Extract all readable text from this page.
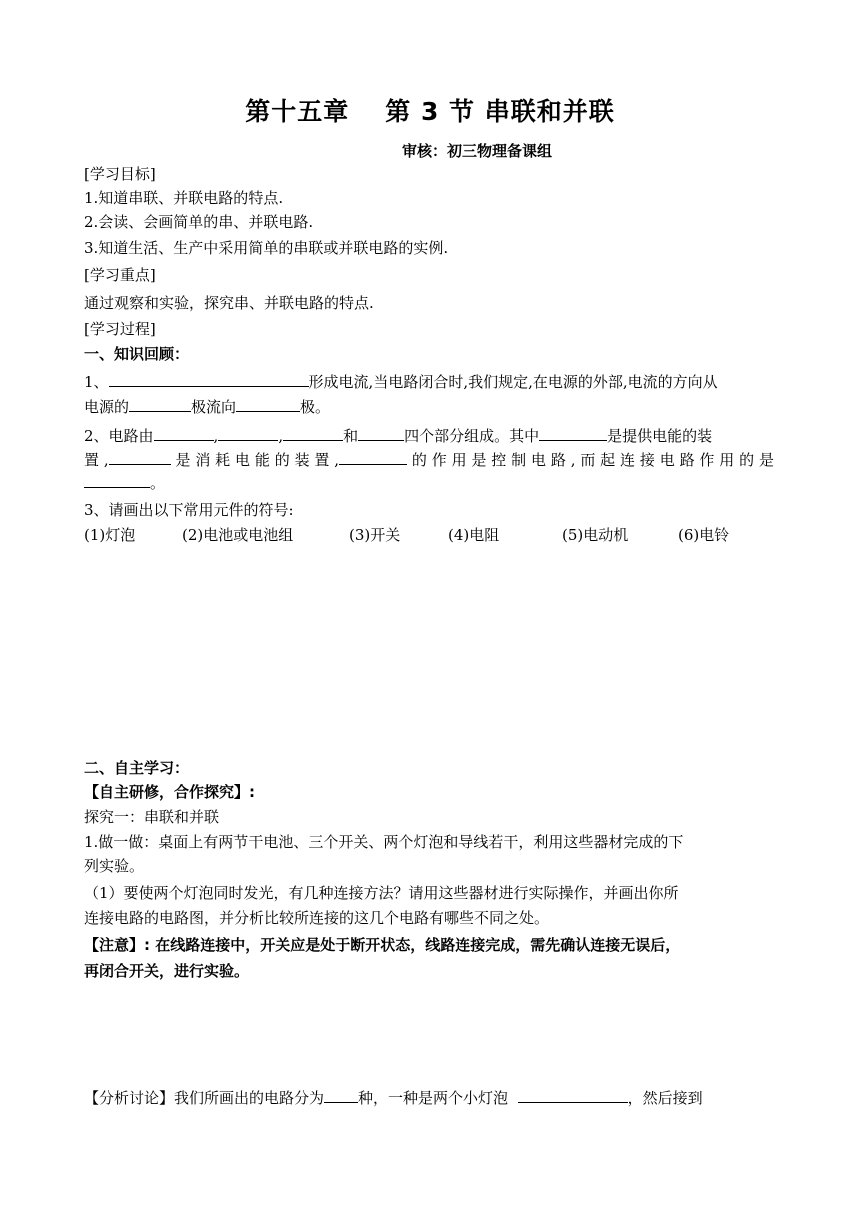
第十五章 第 3 节 串联和并联
审核：初三物理备课组
[学习目标]
1.知道串联、并联电路的特点.
2.会读、会画简单的串、并联电路.
3.知道生活、生产中采用简单的串联或并联电路的实例.
[学习重点]
通过观察和实验，探究串、并联电路的特点.
[学习过程]
一、知识回顾：
1、	形成电流,当电路闭合时,我们规定,在电源的外部,电流的方向从
电源的	极流向	极。
2、电路由	,	,	和	四个部分组成。其中	是提供电能的装
置,	是消耗电能的装置,	的作用是控制电路,而起连接电路作用的是
。
3、请画出以下常用元件的符号:
(1)灯泡	(2)电池或电池组	(3)开关	(4)电阻	(5)电动机	(6)电铃
二、自主学习：
【自主研修，合作探究】:
探究一：串联和并联
1.做一做：桌面上有两节干电池、三个开关、两个灯泡和导线若干，利用这些器材完成的下
列实验。
（1）要使两个灯泡同时发光，有几种连接方法？请用这些器材进行实际操作，并画出你所
连接电路的电路图，并分析比较所连接的这几个电路有哪些不同之处。
【注意】: 在线路连接中，开关应是处于断开状态，线路连接完成，需先确认连接无误后，
再闭合开关，进行实验。
【分析讨论】我们所画出的电路分为 种，一种是两个小灯泡	，然后接到
